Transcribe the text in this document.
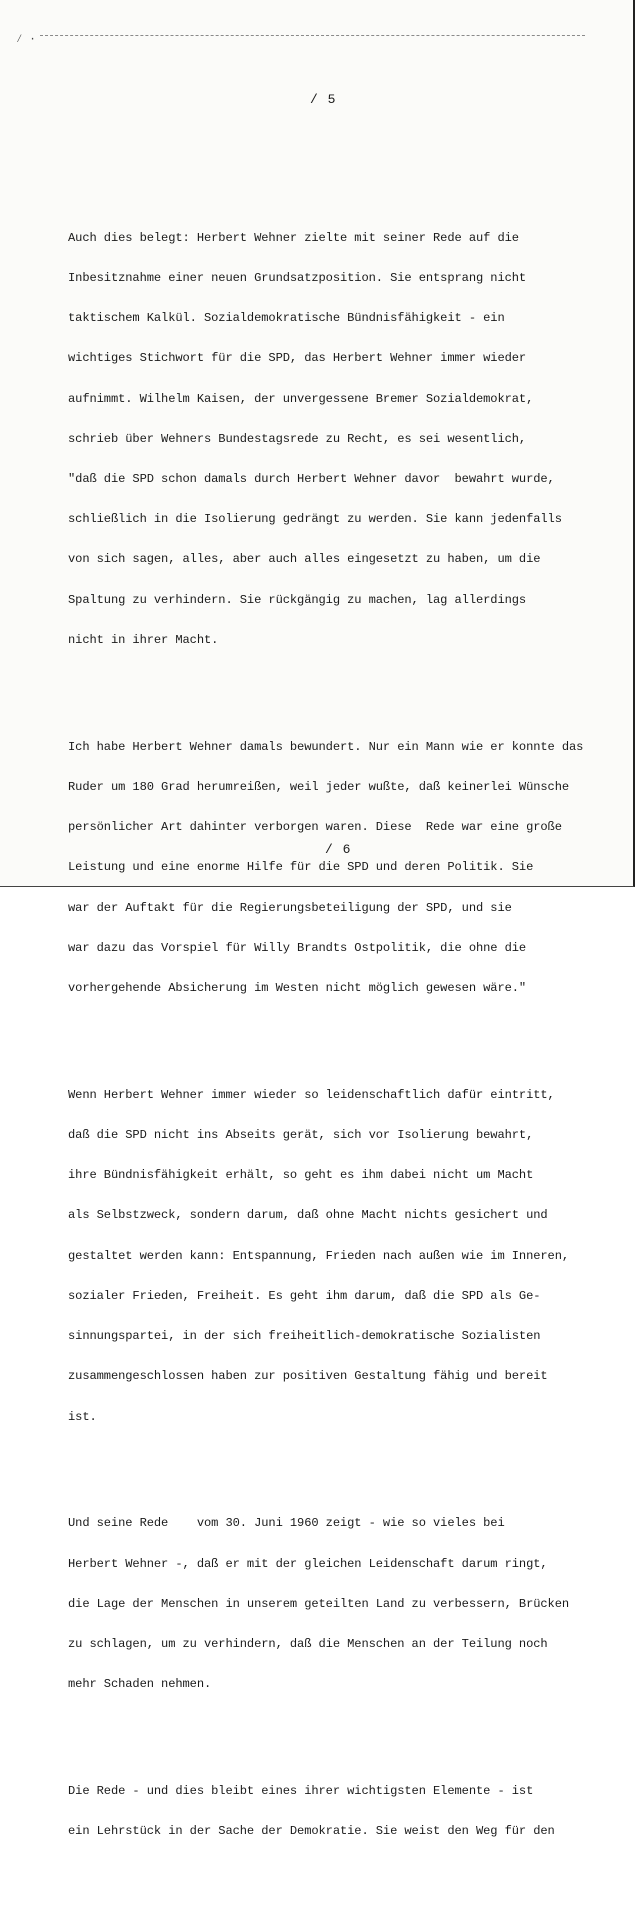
⁄ ·
/ 5

Auch dies belegt: Herbert Wehner zielte mit seiner Rede auf die

Inbesitznahme einer neuen Grundsatzposition. Sie entsprang nicht

taktischem Kalkül. Sozialdemokratische Bündnisfähigkeit - ein

wichtiges Stichwort für die SPD, das Herbert Wehner immer wieder

aufnimmt. Wilhelm Kaisen, der unvergessene Bremer Sozialdemokrat,

schrieb über Wehners Bundestagsrede zu Recht, es sei wesentlich,

"daß die SPD schon damals durch Herbert Wehner davor  bewahrt wurde,

schließlich in die Isolierung gedrängt zu werden. Sie kann jedenfalls

von sich sagen, alles, aber auch alles eingesetzt zu haben, um die

Spaltung zu verhindern. Sie rückgängig zu machen, lag allerdings

nicht in ihrer Macht.

Ich habe Herbert Wehner damals bewundert. Nur ein Mann wie er konnte das

Ruder um 180 Grad herumreißen, weil jeder wußte, daß keinerlei Wünsche

persönlicher Art dahinter verborgen waren. Diese  Rede war eine große

Leistung und eine enorme Hilfe für die SPD und deren Politik. Sie

war der Auftakt für die Regierungsbeteiligung der SPD, und sie

war dazu das Vorspiel für Willy Brandts Ostpolitik, die ohne die

vorhergehende Absicherung im Westen nicht möglich gewesen wäre."

Wenn Herbert Wehner immer wieder so leidenschaftlich dafür eintritt,

daß die SPD nicht ins Abseits gerät, sich vor Isolierung bewahrt,

ihre Bündnisfähigkeit erhält, so geht es ihm dabei nicht um Macht

als Selbstzweck, sondern darum, daß ohne Macht nichts gesichert und

gestaltet werden kann: Entspannung, Frieden nach außen wie im Inneren,

sozialer Frieden, Freiheit. Es geht ihm darum, daß die SPD als Ge-

sinnungspartei, in der sich freiheitlich-demokratische Sozialisten

zusammengeschlossen haben zur positiven Gestaltung fähig und bereit

ist.

Und seine Rede    vom 30. Juni 1960 zeigt - wie so vieles bei

Herbert Wehner -, daß er mit der gleichen Leidenschaft darum ringt,

die Lage der Menschen in unserem geteilten Land zu verbessern, Brücken

zu schlagen, um zu verhindern, daß die Menschen an der Teilung noch

mehr Schaden nehmen.

Die Rede - und dies bleibt eines ihrer wichtigsten Elemente - ist

ein Lehrstück in der Sache der Demokratie. Sie weist den Weg für den

/ 6
